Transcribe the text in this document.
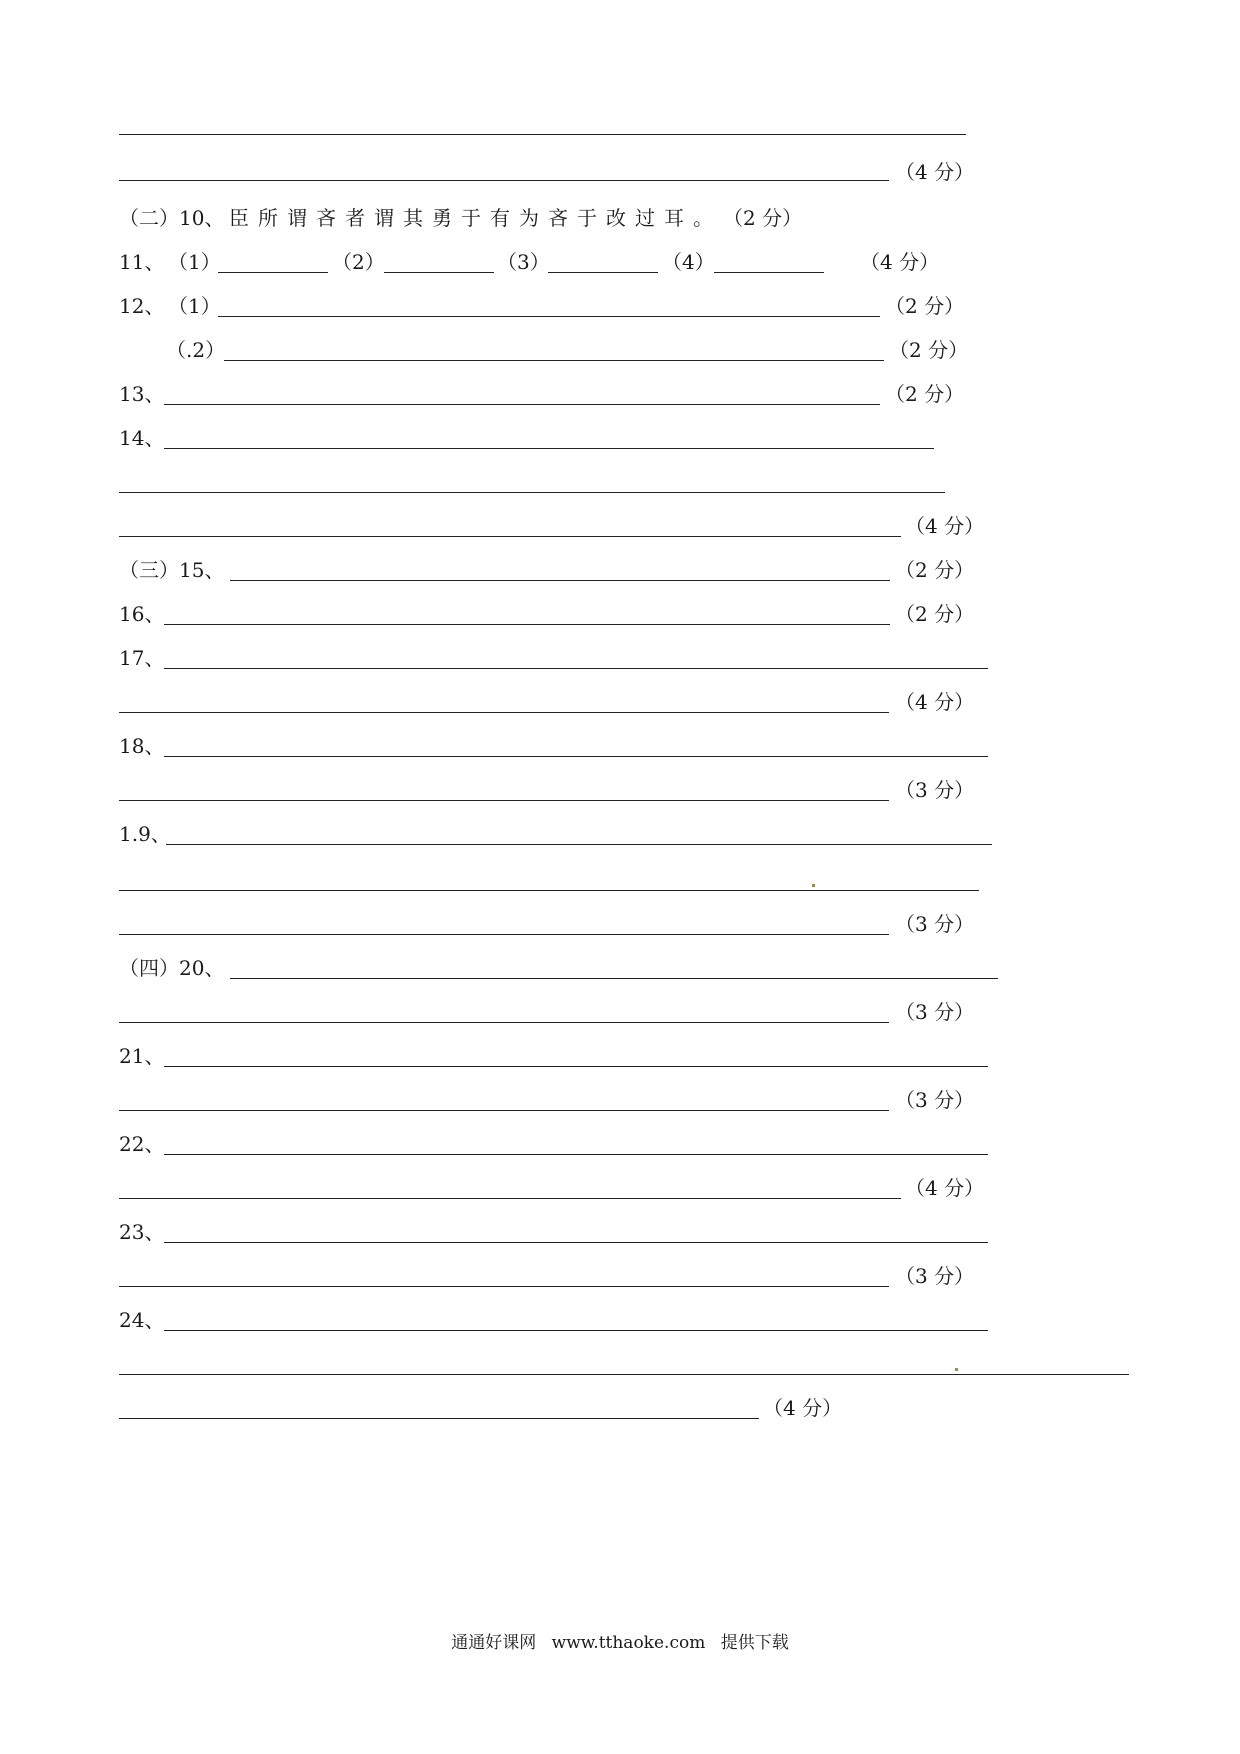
（4 分）
（二）10、 臣所谓吝者谓其勇于有为吝于改过耳。 （2 分）
11、 （1）	（2）	（3）	（4）	（4 分）
12、 （1）	（2 分）
（.2）	（2 分）
13、	（2 分）
14、
（4 分）
（三）15、	（2 分）
16、	（2 分）
17、
（4 分）
18、
（3 分）
1.9、
（3 分）
（四）20、
（3 分）
21、
（3 分）
22、
（4 分）
23、
（3 分）
24、
（4 分）
通通好课网 www.tthaoke.com 提供下载
